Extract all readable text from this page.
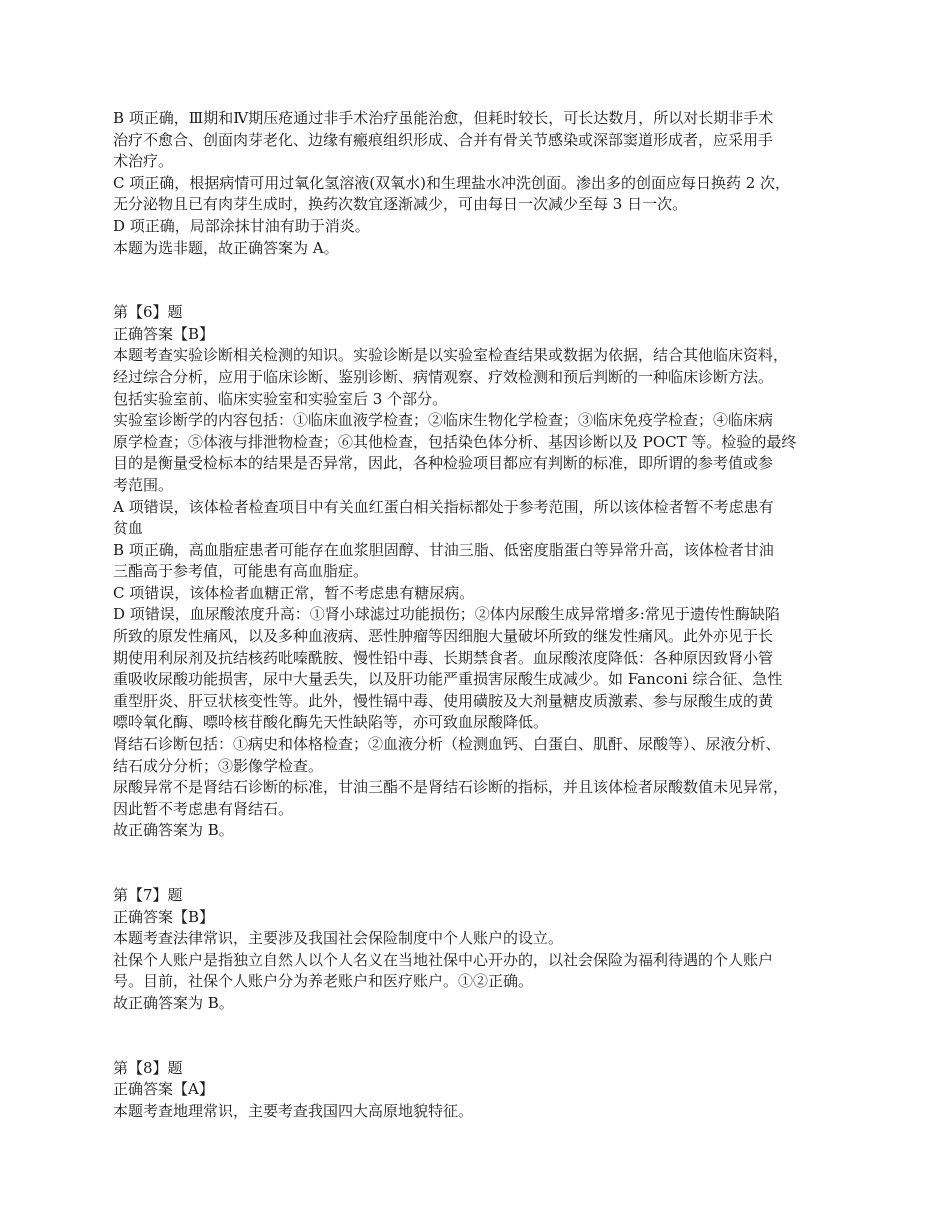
B 项正确，Ⅲ期和Ⅳ期压疮通过非手术治疗虽能治愈，但耗时较长，可长达数月，所以对长期非手术
治疗不愈合、创面肉芽老化、边缘有瘢痕组织形成、合并有骨关节感染或深部窦道形成者，应采用手
术治疗。
C 项正确，根据病情可用过氧化氢溶液(双氧水)和生理盐水冲洗创面。渗出多的创面应每日换药 2 次，
无分泌物且已有肉芽生成时，换药次数宜逐渐减少，可由每日一次减少至每 3 日一次。
D 项正确，局部涂抹甘油有助于消炎。
本题为选非题，故正确答案为 A。
第【6】题
正确答案【B】
本题考查实验诊断相关检测的知识。实验诊断是以实验室检查结果或数据为依据，结合其他临床资料，
经过综合分析，应用于临床诊断、鉴别诊断、病情观察、疗效检测和预后判断的一种临床诊断方法。
包括实验室前、临床实验室和实验室后 3 个部分。
实验室诊断学的内容包括：①临床血液学检查；②临床生物化学检查；③临床免疫学检查；④临床病
原学检查；⑤体液与排泄物检查；⑥其他检查，包括染色体分析、基因诊断以及 POCT 等。检验的最终
目的是衡量受检标本的结果是否异常，因此，各种检验项目都应有判断的标准，即所谓的参考值或参
考范围。
A 项错误，该体检者检查项目中有关血红蛋白相关指标都处于参考范围，所以该体检者暂不考虑患有
贫血
B 项正确，高血脂症患者可能存在血浆胆固醇、甘油三脂、低密度脂蛋白等异常升高，该体检者甘油
三酯高于参考值，可能患有高血脂症。
C 项错误，该体检者血糖正常，暂不考虑患有糖尿病。
D 项错误，血尿酸浓度升高：①肾小球滤过功能损伤；②体内尿酸生成异常增多:常见于遗传性酶缺陷
所致的原发性痛风，以及多种血液病、恶性肿瘤等因细胞大量破坏所致的继发性痛风。此外亦见于长
期使用利尿剂及抗结核药吡嗪酰胺、慢性铅中毒、长期禁食者。血尿酸浓度降低：各种原因致肾小管
重吸收尿酸功能损害，尿中大量丢失，以及肝功能严重损害尿酸生成减少。如 Fanconi 综合征、急性
重型肝炎、肝豆状核变性等。此外，慢性镉中毒、使用磺胺及大剂量糖皮质激素、参与尿酸生成的黄
嘌呤氧化酶、嘌呤核苷酸化酶先天性缺陷等，亦可致血尿酸降低。
肾结石诊断包括：①病史和体格检查；②血液分析（检测血钙、白蛋白、肌酐、尿酸等）、尿液分析、
结石成分分析；③影像学检查。
尿酸异常不是肾结石诊断的标准，甘油三酯不是肾结石诊断的指标，并且该体检者尿酸数值未见异常，
因此暂不考虑患有肾结石。
故正确答案为 B。
第【7】题
正确答案【B】
本题考查法律常识，主要涉及我国社会保险制度中个人账户的设立。
社保个人账户是指独立自然人以个人名义在当地社保中心开办的，以社会保险为福利待遇的个人账户
号。目前，社保个人账户分为养老账户和医疗账户。①②正确。
故正确答案为 B。
第【8】题
正确答案【A】
本题考查地理常识，主要考查我国四大高原地貌特征。
